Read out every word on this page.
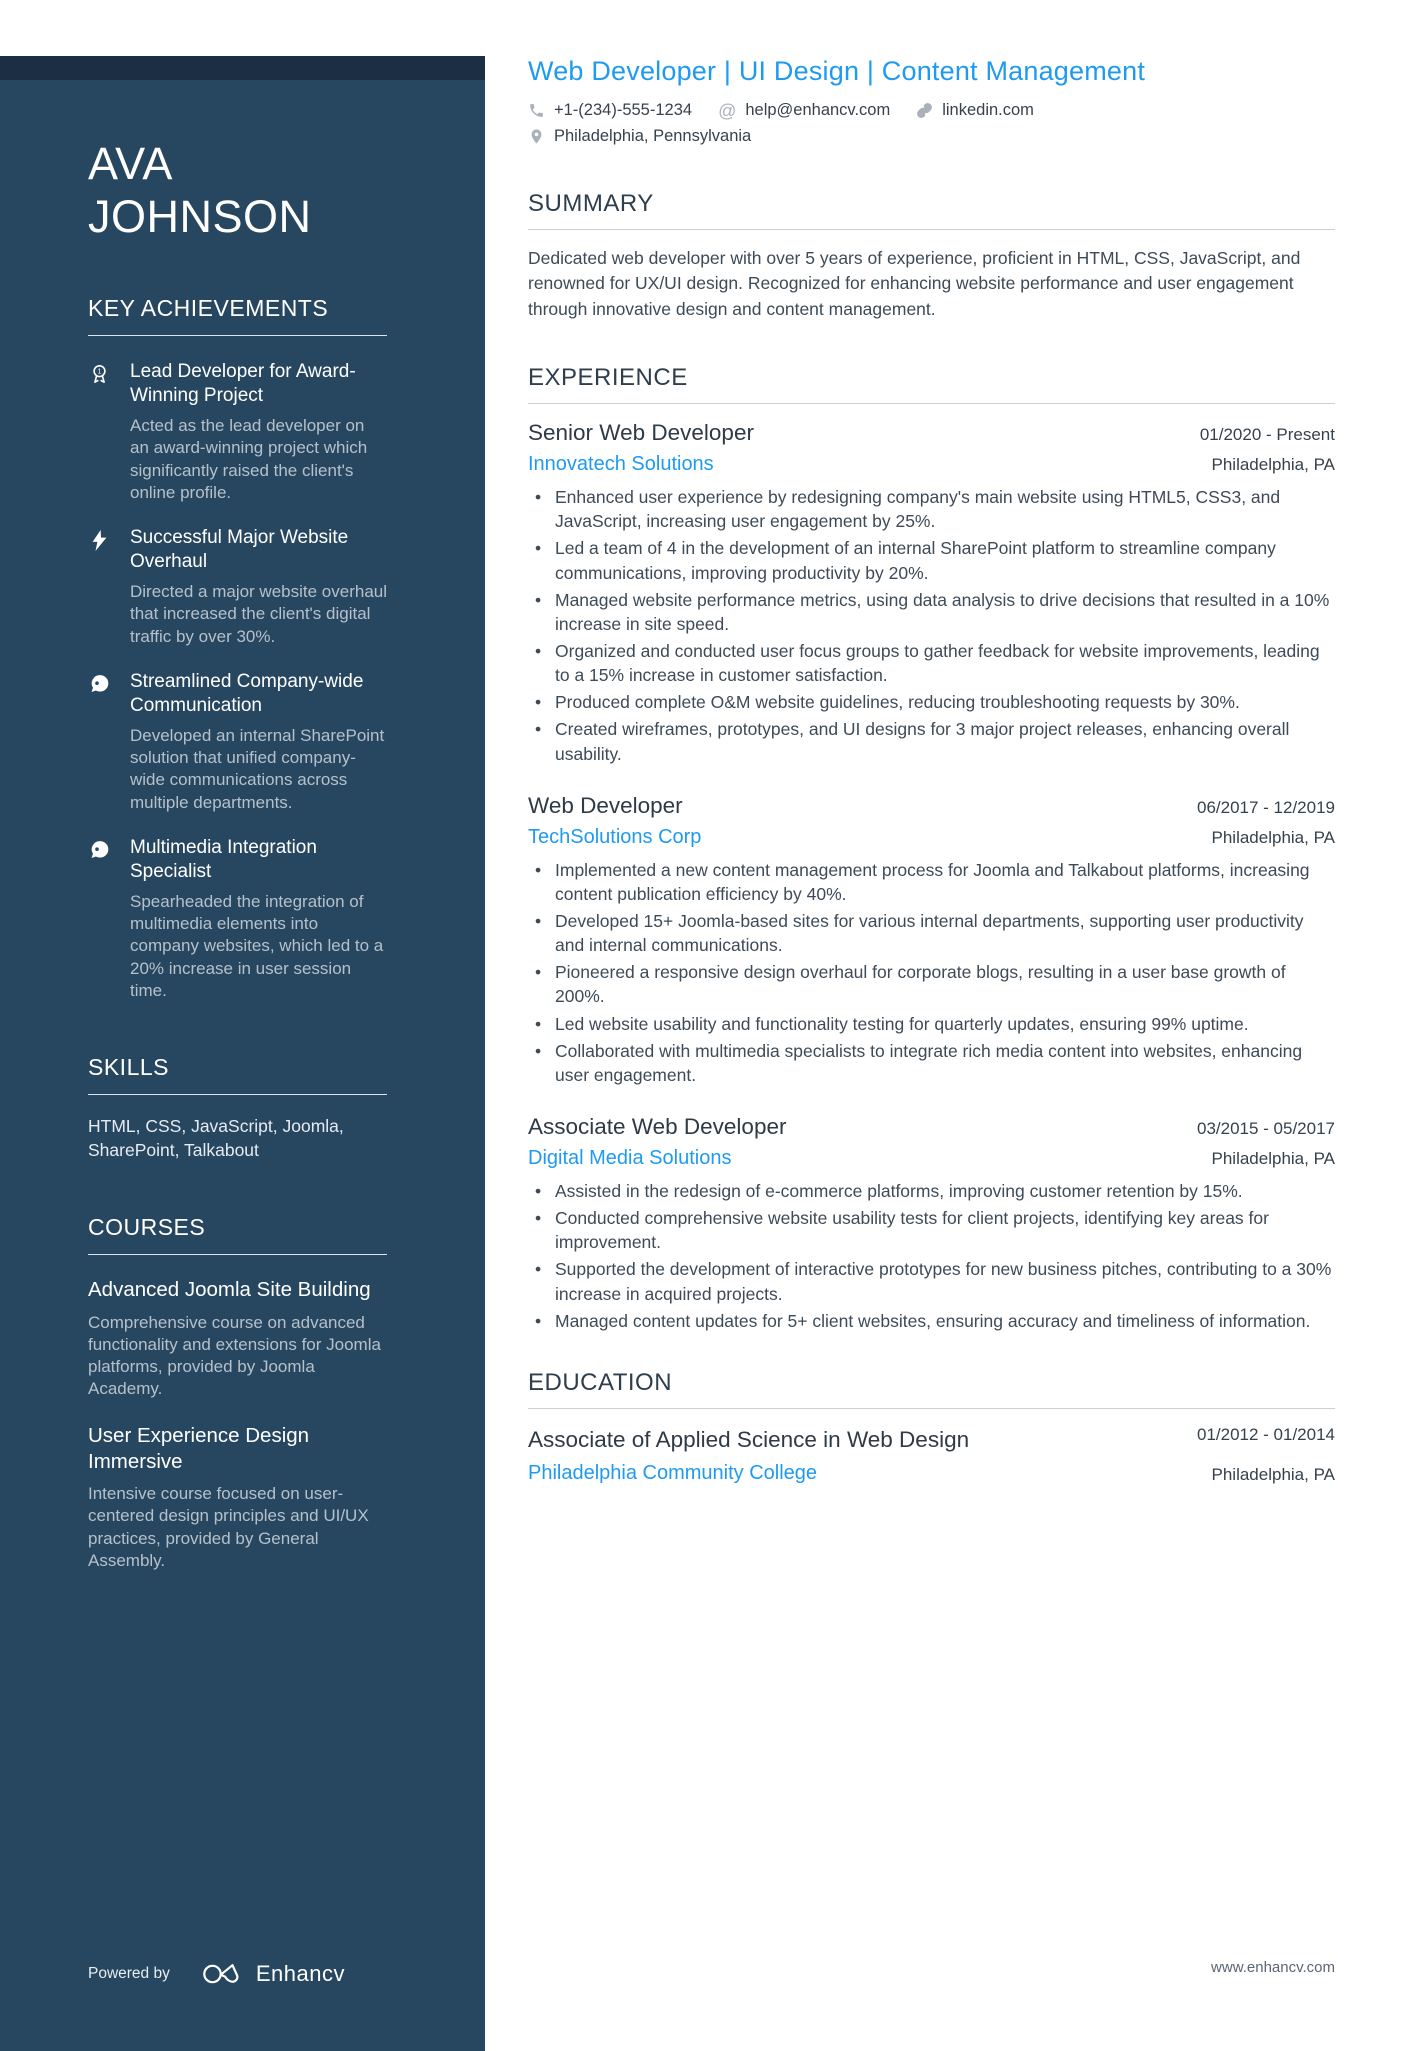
AVA
JOHNSON
KEY ACHIEVEMENTS
1 Lead Developer for Award-Winning Project
Acted as the lead developer on an award-winning project which significantly raised the client's online profile.
Successful Major Website Overhaul
Directed a major website overhaul that increased the client's digital traffic by over 30%.
Streamlined Company-wide Communication
Developed an internal SharePoint solution that unified company-wide communications across multiple departments.
Multimedia Integration Specialist
Spearheaded the integration of multimedia elements into company websites, which led to a 20% increase in user session time.
SKILLS
HTML, CSS, JavaScript, Joomla, SharePoint, Talkabout
COURSES
Advanced Joomla Site Building
Comprehensive course on advanced functionality and extensions for Joomla platforms, provided by Joomla Academy.
User Experience Design Immersive
Intensive course focused on user-centered design principles and UI/UX practices, provided by General Assembly.
Powered by	Enhancv
Web Developer | UI Design | Content Management
+1-(234)-555-1234 @ help@enhancv.com	linkedin.com
Philadelphia, Pennsylvania
SUMMARY
Dedicated web developer with over 5 years of experience, proficient in HTML, CSS, JavaScript, and renowned for UX/UI design. Recognized for enhancing website performance and user engagement through innovative design and content management.
EXPERIENCE
Senior Web Developer	01/2020 - Present
Innovatech Solutions	Philadelphia, PA
• Enhanced user experience by redesigning company's main website using HTML5, CSS3, and JavaScript, increasing user engagement by 25%.
• Led a team of 4 in the development of an internal SharePoint platform to streamline company communications, improving productivity by 20%.
• Managed website performance metrics, using data analysis to drive decisions that resulted in a 10% increase in site speed.
• Organized and conducted user focus groups to gather feedback for website improvements, leading to a 15% increase in customer satisfaction.
• Produced complete O&M website guidelines, reducing troubleshooting requests by 30%.
• Created wireframes, prototypes, and UI designs for 3 major project releases, enhancing overall usability.
Web Developer	06/2017 - 12/2019
TechSolutions Corp	Philadelphia, PA
• Implemented a new content management process for Joomla and Talkabout platforms, increasing content publication efficiency by 40%.
• Developed 15+ Joomla-based sites for various internal departments, supporting user productivity and internal communications.
• Pioneered a responsive design overhaul for corporate blogs, resulting in a user base growth of 200%.
• Led website usability and functionality testing for quarterly updates, ensuring 99% uptime.
• Collaborated with multimedia specialists to integrate rich media content into websites, enhancing user engagement.
Associate Web Developer	03/2015 - 05/2017
Digital Media Solutions	Philadelphia, PA
• Assisted in the redesign of e-commerce platforms, improving customer retention by 15%.
• Conducted comprehensive website usability tests for client projects, identifying key areas for improvement.
• Supported the development of interactive prototypes for new business pitches, contributing to a 30% increase in acquired projects.
• Managed content updates for 5+ client websites, ensuring accuracy and timeliness of information.
EDUCATION
Associate of Applied Science in Web Design	01/2012 - 01/2014
Philadelphia Community College	Philadelphia, PA
www.enhancv.com
